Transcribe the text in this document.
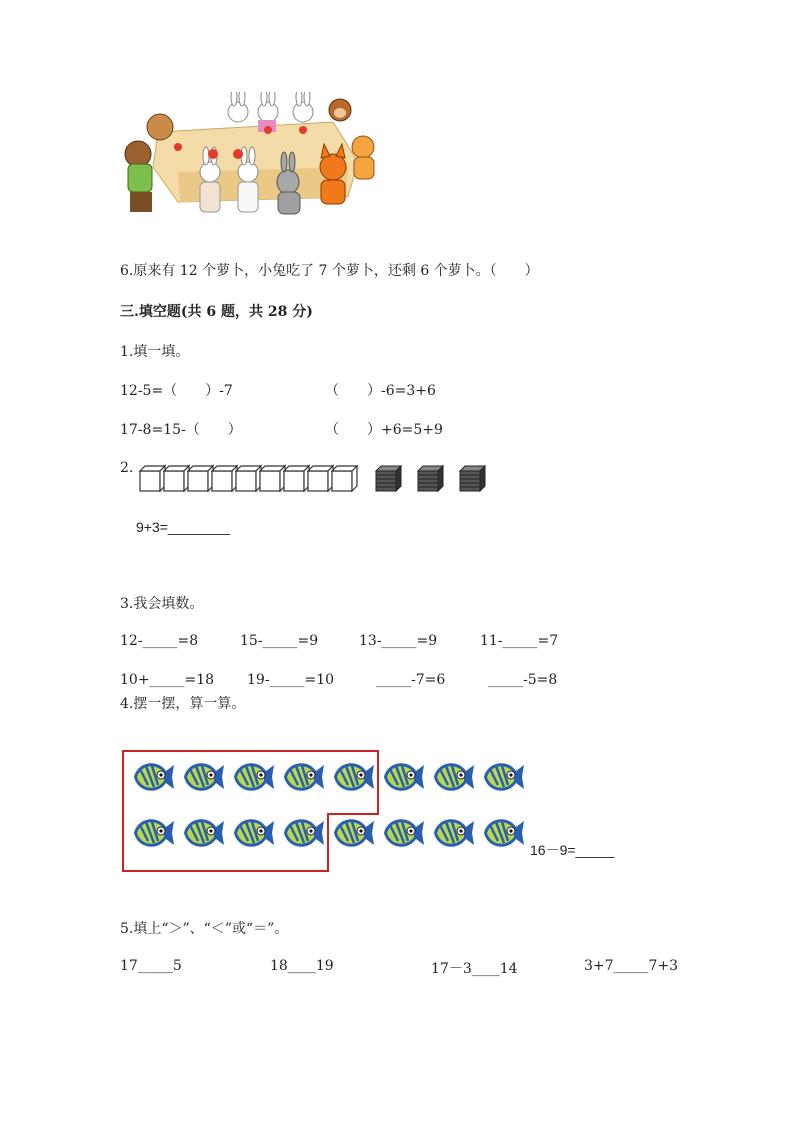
6.原来有 12 个萝卜，小兔吃了 7 个萝卜，还剩 6 个萝卜。（　　）
三.填空题(共 6 题，共 28 分)
1.填一填。
12-5=（　　）-7	（　　）-6=3+6
17-8=15-（　　）	（　　）+6=5+9
2.
9+3=________
3.我会填数。
12-_____=8	15-_____=9	13-_____=9	11-_____=7
10+_____=18 19-_____=10	_____-7=6	_____-5=8
4.摆一摆，算一算。
16－9=_____
5.填上“＞”、“＜”或“＝”。
17_____5	18____19	17－3____14	3+7_____7+3
